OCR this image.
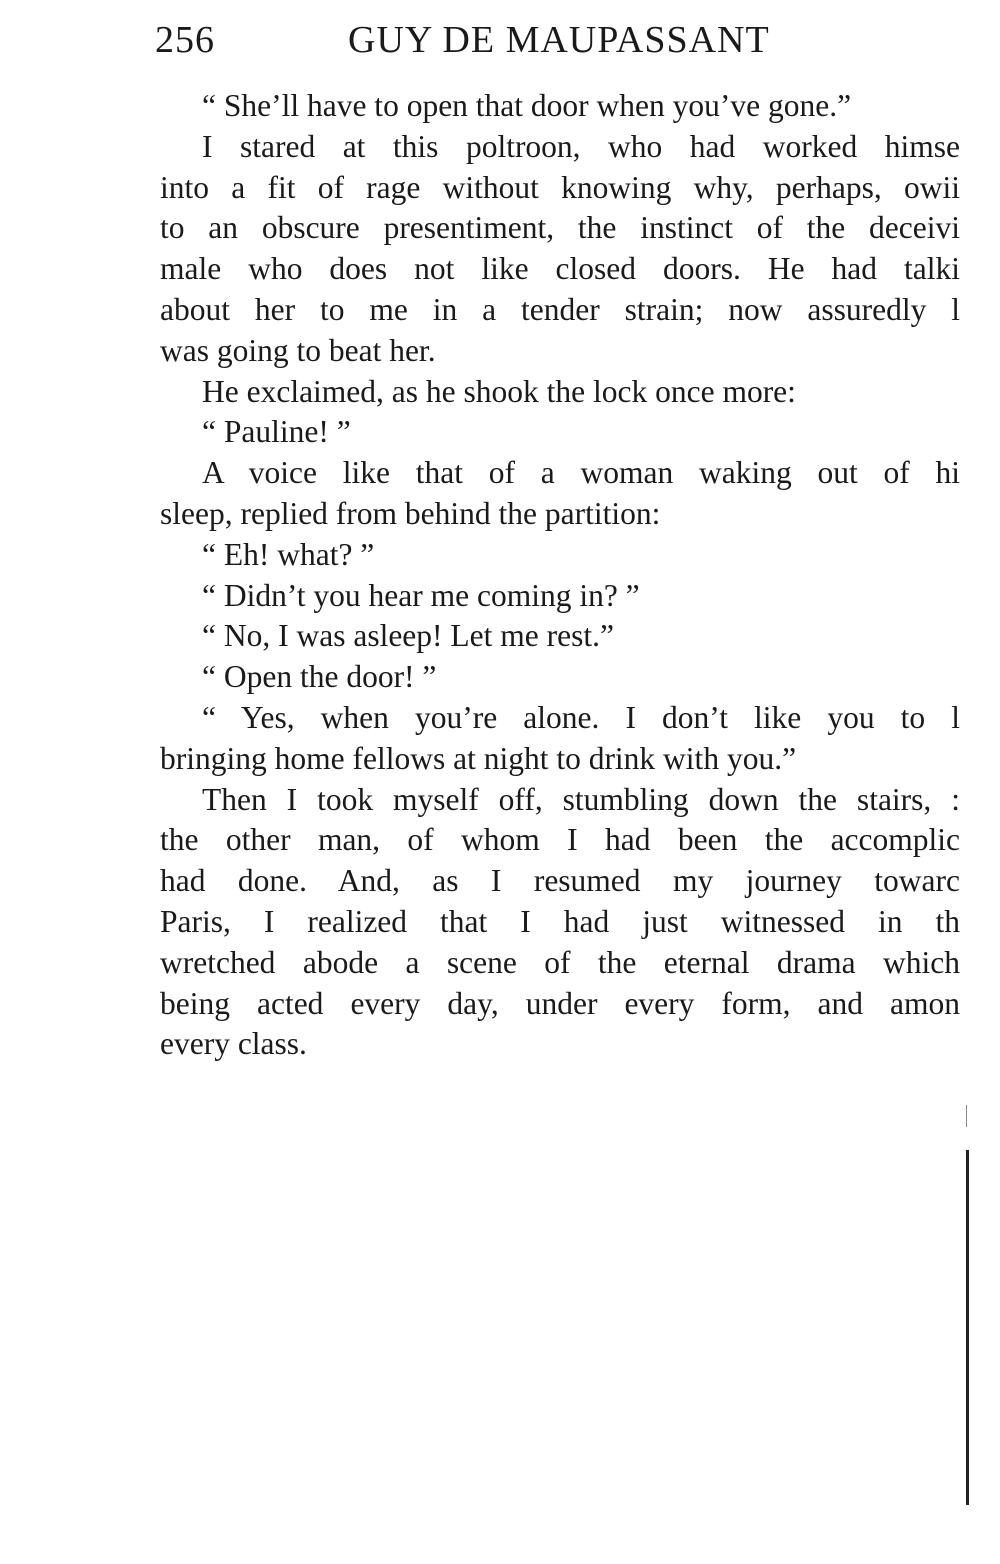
256	GUY DE MAUPASSANT
“ She’ll have to open that door when you’ve gone.”
I stared at this poltroon, who had worked himse
into a fit of rage without knowing why, perhaps, owii
to an obscure presentiment, the instinct of the deceivi
male who does not like closed doors. He had talki
about her to me in a tender strain; now assuredly l
was going to beat her.
He exclaimed, as he shook the lock once more:
“ Pauline! ”
A voice like that of a woman waking out of hi
sleep, replied from behind the partition:
“ Eh! what? ”
“ Didn’t you hear me coming in? ”
“ No, I was asleep! Let me rest.”
“ Open the door! ”
“ Yes, when you’re alone. I don’t like you to l
bringing home fellows at night to drink with you.”
Then I took myself off, stumbling down the stairs, :
the other man, of whom I had been the accomplic
had done. And, as I resumed my journey towarc
Paris, I realized that I had just witnessed in th
wretched abode a scene of the eternal drama which
being acted every day, under every form, and amon
every class.
